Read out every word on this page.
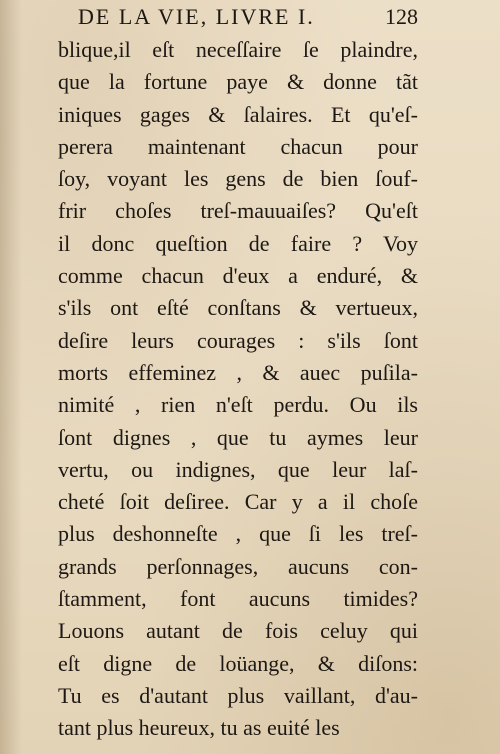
DE LA VIE, LIVRE I.	128
blique,il eſt neceſſaire ſe plaindre,
que la fortune paye & donne tãt
iniques gages & ſalaires. Et qu'eſ-
perera maintenant chacun pour
ſoy, voyant les gens de bien ſouf-
frir choſes treſ-mauuaiſes? Qu'eſt
il donc queſtion de faire ? Voy
comme chacun d'eux a enduré, &
s'ils ont eſté conſtans & vertueux,
deſire leurs courages : s'ils ſont
morts effeminez , & auec puſila-
nimité , rien n'eſt perdu. Ou ils
ſont dignes , que tu aymes leur
vertu, ou indignes, que leur laſ-
cheté ſoit deſiree. Car y a il choſe
plus deshonneſte , que ſi les treſ-
grands perſonnages, aucuns con-
ſtamment, font aucuns timides?
Louons autant de fois celuy qui
eſt digne de loüange, & diſons:
Tu es d'autant plus vaillant, d'au-
tant plus heureux, tu as euité les
